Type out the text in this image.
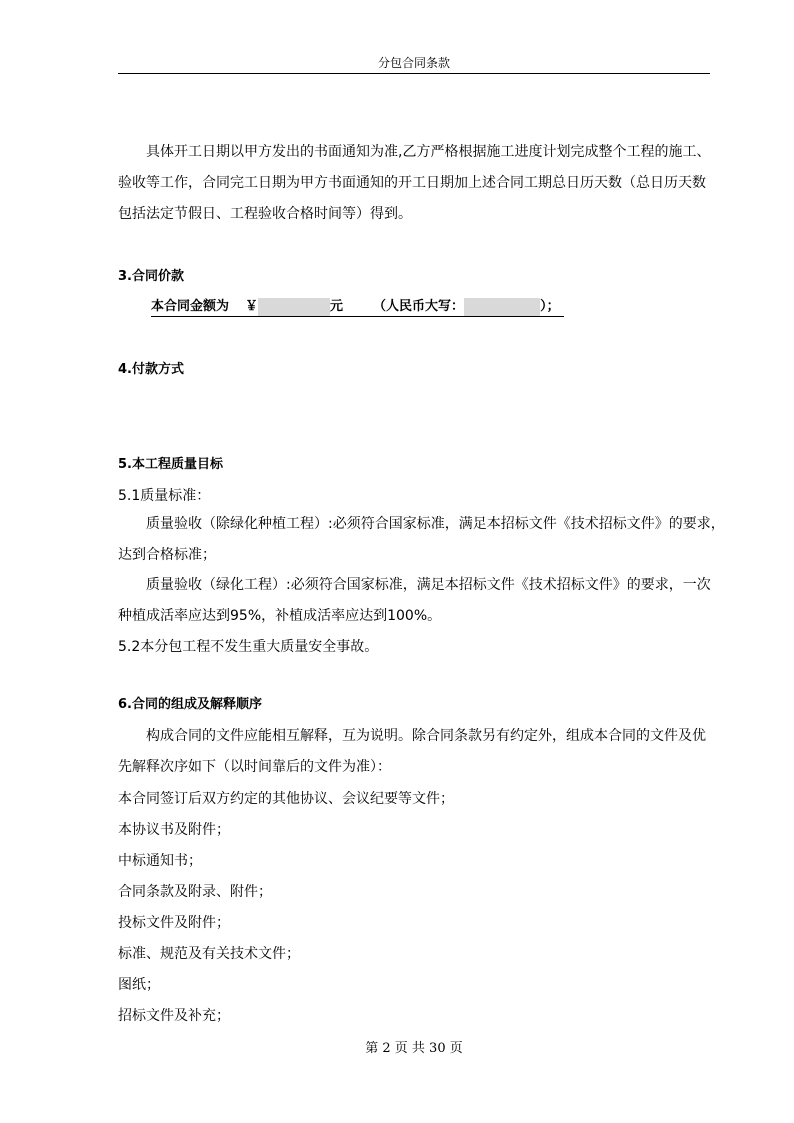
分包合同条款
具体开工日期以甲方发出的书面通知为准,乙方严格根据施工进度计划完成整个工程的施工、
验收等工作，合同完工日期为甲方书面通知的开工日期加上述合同工期总日历天数（总日历天数
包括法定节假日、工程验收合格时间等）得到。
3.合同价款
本合同金额为 ￥	元 （人民币大写：	）；
4.付款方式
5.本工程质量目标
5.1质量标准：
质量验收（除绿化种植工程）:必须符合国家标准，满足本招标文件《技术招标文件》的要求，
达到合格标准；
质量验收（绿化工程）:必须符合国家标准，满足本招标文件《技术招标文件》的要求，一次
种植成活率应达到95%，补植成活率应达到100%。
5.2本分包工程不发生重大质量安全事故。
6.合同的组成及解释顺序
构成合同的文件应能相互解释，互为说明。除合同条款另有约定外，组成本合同的文件及优
先解释次序如下（以时间靠后的文件为准）：
本合同签订后双方约定的其他协议、会议纪要等文件；
本协议书及附件；
中标通知书；
合同条款及附录、附件；
投标文件及附件；
标准、规范及有关技术文件；
图纸；
招标文件及补充；
第 2 页 共 30 页
